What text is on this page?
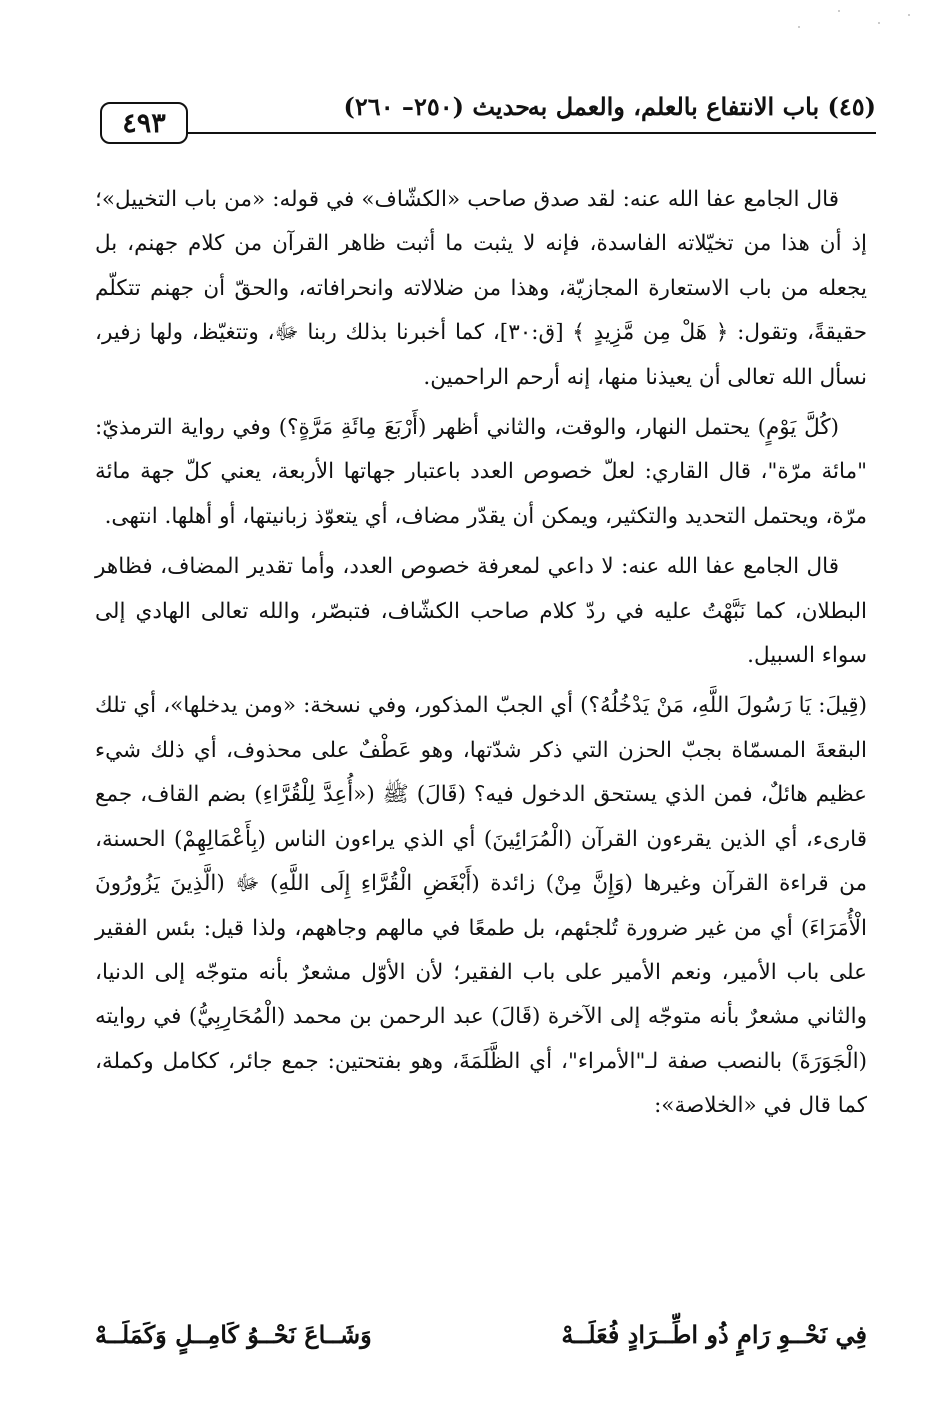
٤٩٣
حديث (٢٥٠– ٢٦٠)
(٤٥) باب الانتفاع بالعلم، والعمل به

قال الجامع عفا الله عنه: لقد صدق صاحب «الكشّاف» في قوله: «من باب التخييل»؛ إذ أن هذا من تخيّلاته الفاسدة، فإنه لا يثبت ما أثبت ظاهر القرآن من كلام جهنم، بل يجعله من باب الاستعارة المجازيّة، وهذا من ضلالاته وانحرافاته، والحقّ أن جهنم تتكلّم حقيقةً، وتقول: ﴿ هَلْ مِن مَّزِيدٍ ﴾ [ق:٣٠]، كما أخبرنا بذلك ربنا ﷻ، وتتغيّظ، ولها زفير، نسأل الله تعالى أن يعيذنا منها، إنه أرحم الراحمين.

(كُلَّ يَوْمٍ) يحتمل النهار، والوقت، والثاني أظهر (أَرْبَعَ مِائَةِ مَرَّةٍ؟) وفي رواية الترمذيّ: "مائة مرّة"، قال القاري: لعلّ خصوص العدد باعتبار جهاتها الأربعة، يعني كلّ جهة مائة مرّة، ويحتمل التحديد والتكثير، ويمكن أن يقدّر مضاف، أي يتعوّذ زبانيتها، أو أهلها. انتهى.

قال الجامع عفا الله عنه: لا داعي لمعرفة خصوص العدد، وأما تقدير المضاف، فظاهر البطلان، كما نَبَّهْتُ عليه في ردّ كلام صاحب الكشّاف، فتبصّر، والله تعالى الهادي إلى سواء السبيل.

(قِيلَ: يَا رَسُولَ اللَّهِ، مَنْ يَدْخُلُهُ؟) أي الجبّ المذكور، وفي نسخة: «ومن يدخلها»، أي تلك البقعةَ المسمّاة بجبّ الحزن التي ذكر شدّتها، وهو عَطْفٌ على محذوف، أي ذلك شيء عظيم هائلٌ، فمن الذي يستحق الدخول فيه؟ (قَالَ) ﷺ («أُعِدَّ لِلْقُرَّاءِ) بضم القاف، جمع قارىء، أي الذين يقرءون القرآن (الْمُرَائِينَ) أي الذي يراءون الناس (بِأَعْمَالِهِمْ) الحسنة، من قراءة القرآن وغيرها (وَإِنَّ مِنْ) زائدة (أَبْغَضِ الْقُرَّاءِ إِلَى اللَّهِ) ﷻ (الَّذِينَ يَزُورُونَ الْأُمَرَاءَ) أي من غير ضرورة تُلجئهم، بل طمعًا في مالهم وجاههم، ولذا قيل: بئس الفقير على باب الأمير، ونعم الأمير على باب الفقير؛ لأن الأوّل مشعرٌ بأنه متوجّه إلى الدنيا، والثاني مشعرٌ بأنه متوجّه إلى الآخرة (قَالَ) عبد الرحمن بن محمد (الْمُحَارِبِيُّ) في روايته (الْجَوَرَةَ) بالنصب صفة لـ"الأمراء"، أي الظَّلَمَةَ، وهو بفتحتين: جمع جائر، ككامل وكملة، كما قال في «الخلاصة»:

فِي نَحْــوِ رَامٍ ذُو اطِّــرَادٍ فُعَلَــهْ
وَشَــاعَ نَحْــوُ كَامِــلٍ وَكَمَلَــهْ
